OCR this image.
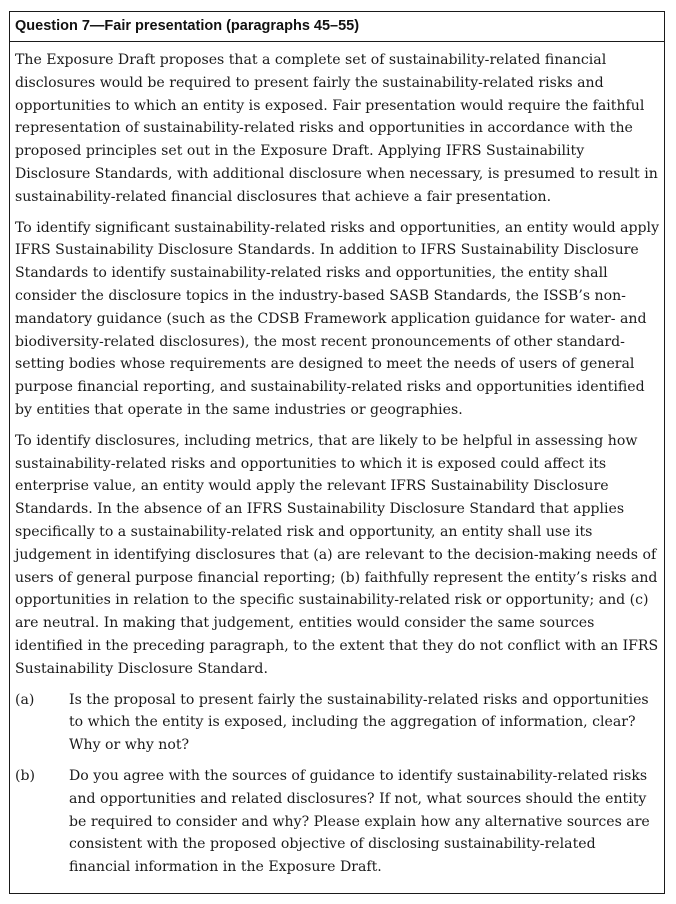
Question 7—Fair presentation (paragraphs 45–55)

The Exposure Draft proposes that a complete set of sustainability-related financial disclosures would be required to present fairly the sustainability-related risks and opportunities to which an entity is exposed. Fair presentation would require the faithful representation of sustainability-related risks and opportunities in accordance with the proposed principles set out in the Exposure Draft. Applying IFRS Sustainability Disclosure Standards, with additional disclosure when necessary, is presumed to result in sustainability-related financial disclosures that achieve a fair presentation.

To identify significant sustainability-related risks and opportunities, an entity would apply IFRS Sustainability Disclosure Standards. In addition to IFRS Sustainability Disclosure Standards to identify sustainability-related risks and opportunities, the entity shall consider the disclosure topics in the industry-based SASB Standards, the ISSB’s non-mandatory guidance (such as the CDSB Framework application guidance for water- and biodiversity-related disclosures), the most recent pronouncements of other standard-setting bodies whose requirements are designed to meet the needs of users of general purpose financial reporting, and sustainability-related risks and opportunities identified by entities that operate in the same industries or geographies.

To identify disclosures, including metrics, that are likely to be helpful in assessing how sustainability-related risks and opportunities to which it is exposed could affect its enterprise value, an entity would apply the relevant IFRS Sustainability Disclosure Standards. In the absence of an IFRS Sustainability Disclosure Standard that applies specifically to a sustainability-related risk and opportunity, an entity shall use its judgement in identifying disclosures that (a) are relevant to the decision-making needs of users of general purpose financial reporting; (b) faithfully represent the entity’s risks and opportunities in relation to the specific sustainability-related risk or opportunity; and (c) are neutral. In making that judgement, entities would consider the same sources identified in the preceding paragraph, to the extent that they do not conflict with an IFRS Sustainability Disclosure Standard.

(a)	Is the proposal to present fairly the sustainability-related risks and opportunities to which the entity is exposed, including the aggregation of information, clear? Why or why not?
(b)	Do you agree with the sources of guidance to identify sustainability-related risks and opportunities and related disclosures? If not, what sources should the entity be required to consider and why? Please explain how any alternative sources are consistent with the proposed objective of disclosing sustainability-related financial information in the Exposure Draft.
